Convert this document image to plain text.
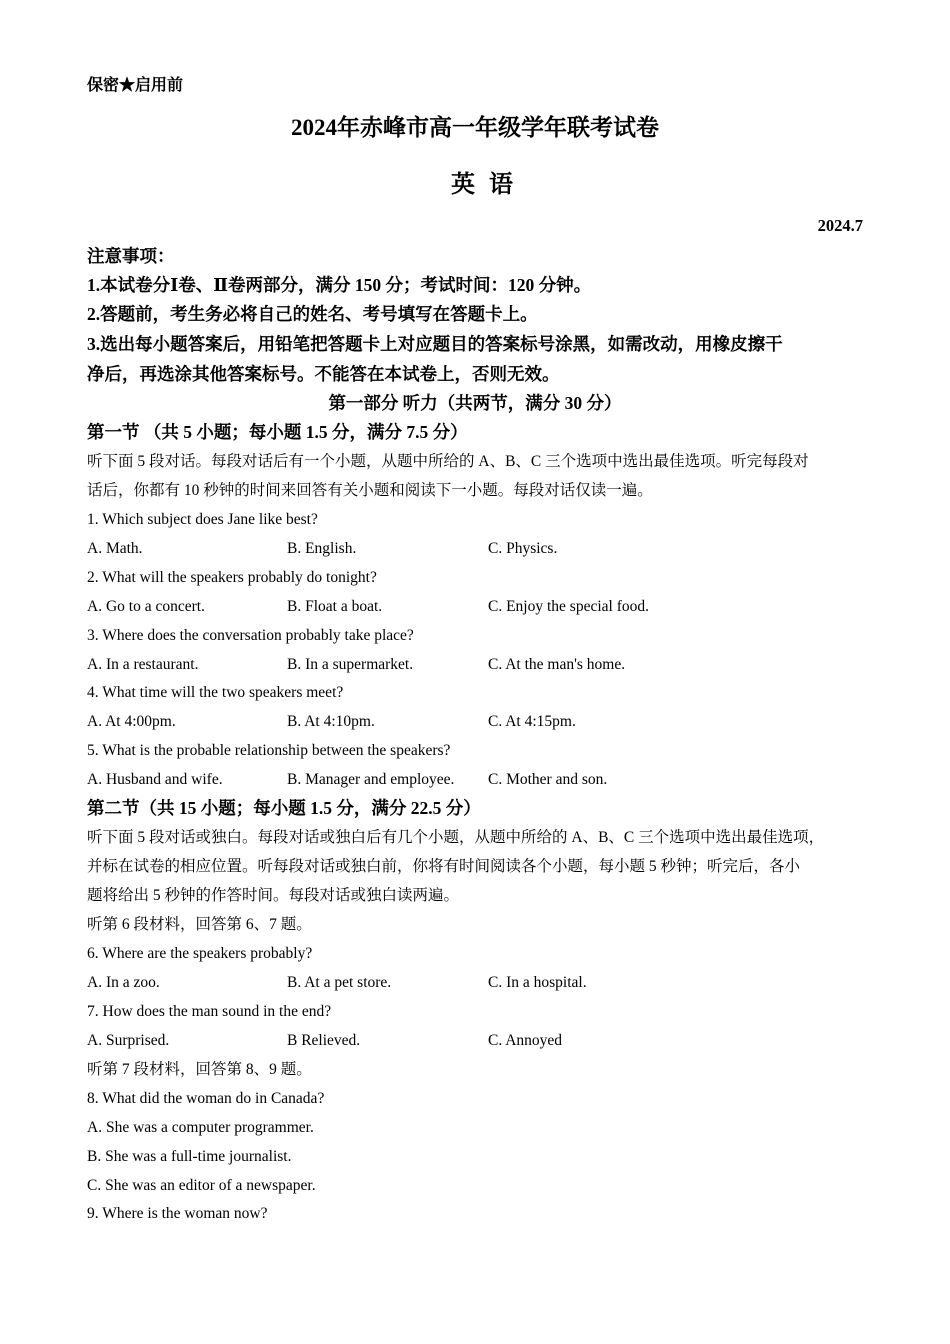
保密★启用前
2024年赤峰市高一年级学年联考试卷
英语
2024.7
注意事项：
1.本试卷分Ⅰ卷、Ⅱ卷两部分，满分 150 分；考试时间：120 分钟。
2.答题前，考生务必将自己的姓名、考号填写在答题卡上。
3.选出每小题答案后，用铅笔把答题卡上对应题目的答案标号涂黑，如需改动，用橡皮擦干
净后，再选涂其他答案标号。不能答在本试卷上，否则无效。
第一部分 听力（共两节，满分 30 分）
第一节 （共 5 小题；每小题 1.5 分，满分 7.5 分）
听下面 5 段对话。每段对话后有一个小题，从题中所给的 A、B、C 三个选项中选出最佳选项。听完每段对
话后，你都有 10 秒钟的时间来回答有关小题和阅读下一小题。每段对话仅读一遍。
1. Which subject does Jane like best?
A. Math.	B. English.	C. Physics.
2. What will the speakers probably do tonight?
A. Go to a concert.	B. Float a boat.	C. Enjoy the special food.
3. Where does the conversation probably take place?
A. In a restaurant.	B. In a supermarket.	C. At the man's home.
4. What time will the two speakers meet?
A. At 4:00pm.	B. At 4:10pm.	C. At 4:15pm.
5. What is the probable relationship between the speakers?
A. Husband and wife.	B. Manager and employee. C. Mother and son.
第二节（共 15 小题；每小题 1.5 分，满分 22.5 分）
听下面 5 段对话或独白。每段对话或独白后有几个小题，从题中所给的 A、B、C 三个选项中选出最佳选项，
并标在试卷的相应位置。听每段对话或独白前，你将有时间阅读各个小题，每小题 5 秒钟；听完后，各小
题将给出 5 秒钟的作答时间。每段对话或独白读两遍。
听第 6 段材料，回答第 6、7 题。
6. Where are the speakers probably?
A. In a zoo.	B. At a pet store.	C. In a hospital.
7. How does the man sound in the end?
A. Surprised.	B Relieved.	C. Annoyed
听第 7 段材料，回答第 8、9 题。
8. What did the woman do in Canada?
A. She was a computer programmer.
B. She was a full-time journalist.
C. She was an editor of a newspaper.
9. Where is the woman now?
